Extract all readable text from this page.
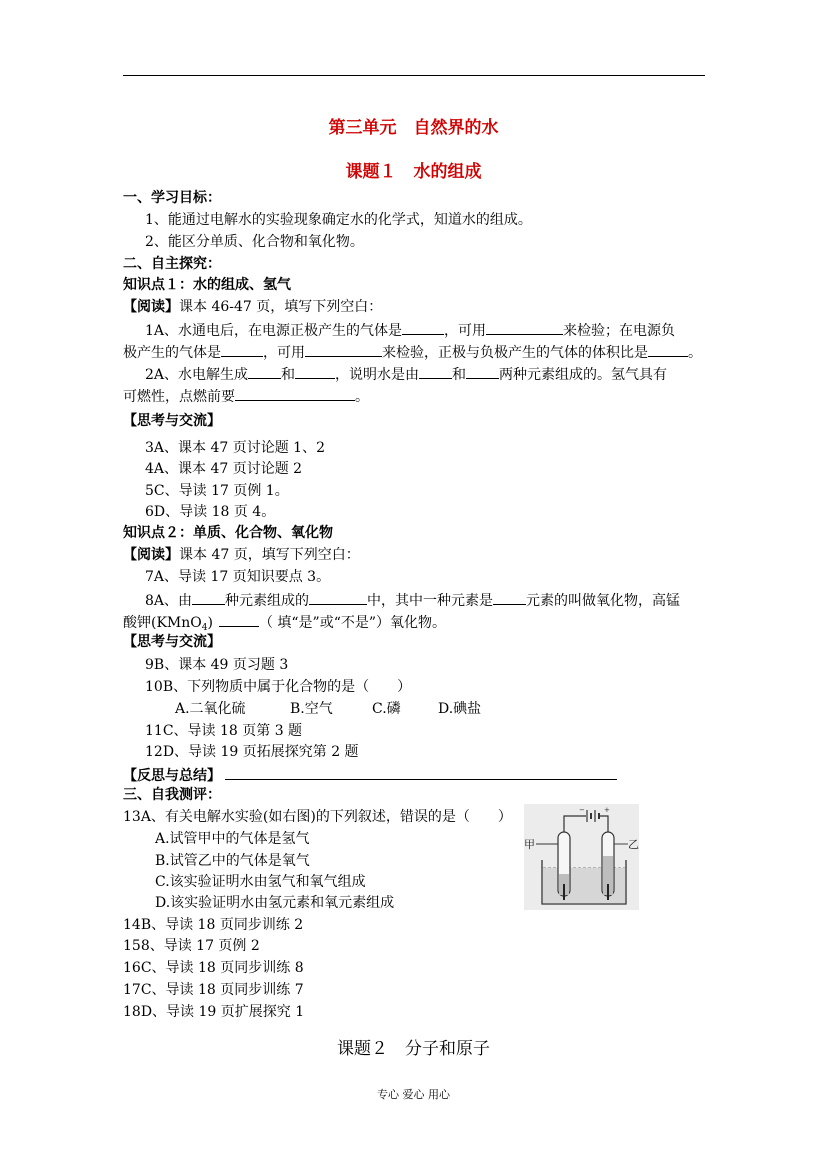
第三单元　自然界的水
课题１　水的组成
一、学习目标：
1、能通过电解水的实验现象确定水的化学式，知道水的组成。
2、能区分单质、化合物和氧化物。
二、自主探究：
知识点１：水的组成、氢气
【阅读】课本 46-47 页，填写下列空白：
1A、水通电后，在电源正极产生的气体是	，可用	来检验；在电源负
极产生的气体是	，可用	来检验，正极与负极产生的气体的体积比是	。
2A、水电解生成 和	，说明水是由 和 两种元素组成的。氢气具有
可燃性，点燃前要	。
【思考与交流】
3A、课本 47 页讨论题 1、2
4A、课本 47 页讨论题 2
5C、导读 17 页例 1。
6D、导读 18 页 4。
知识点２：单质、化合物、氧化物
【阅读】课本 47 页，填写下列空白：
7A、导读 17 页知识要点 3。
8A、由 种元素组成的	中，其中一种元素是 元素的叫做氧化物，高锰
酸钾(KMnO$_4$)	（ 填“是”或“不是”）氧化物。
【思考与交流】
9B、课本 49 页习题 3
10B、下列物质中属于化合物的是（　　）
A.二氧化硫	B.空气	C.磷	D.碘盐
11C、导读 18 页第 3 题
12D、导读 19 页拓展探究第 2 题
【反思与总结】
三、自我测评：
13A、有关电解水实验(如右图)的下列叙述，错误的是（　　）
A.试管甲中的气体是氢气
B.试管乙中的气体是氧气
C.该实验证明水由氢气和氧气组成
D.该实验证明水由氢元素和氧元素组成
−	+
甲	乙
14B、导读 18 页同步训练 2
158、导读 17 页例 2
16C、导读 18 页同步训练 8
17C、导读 18 页同步训练 7
18D、导读 19 页扩展探究 1
课题２　分子和原子
专心 爱心 用心
